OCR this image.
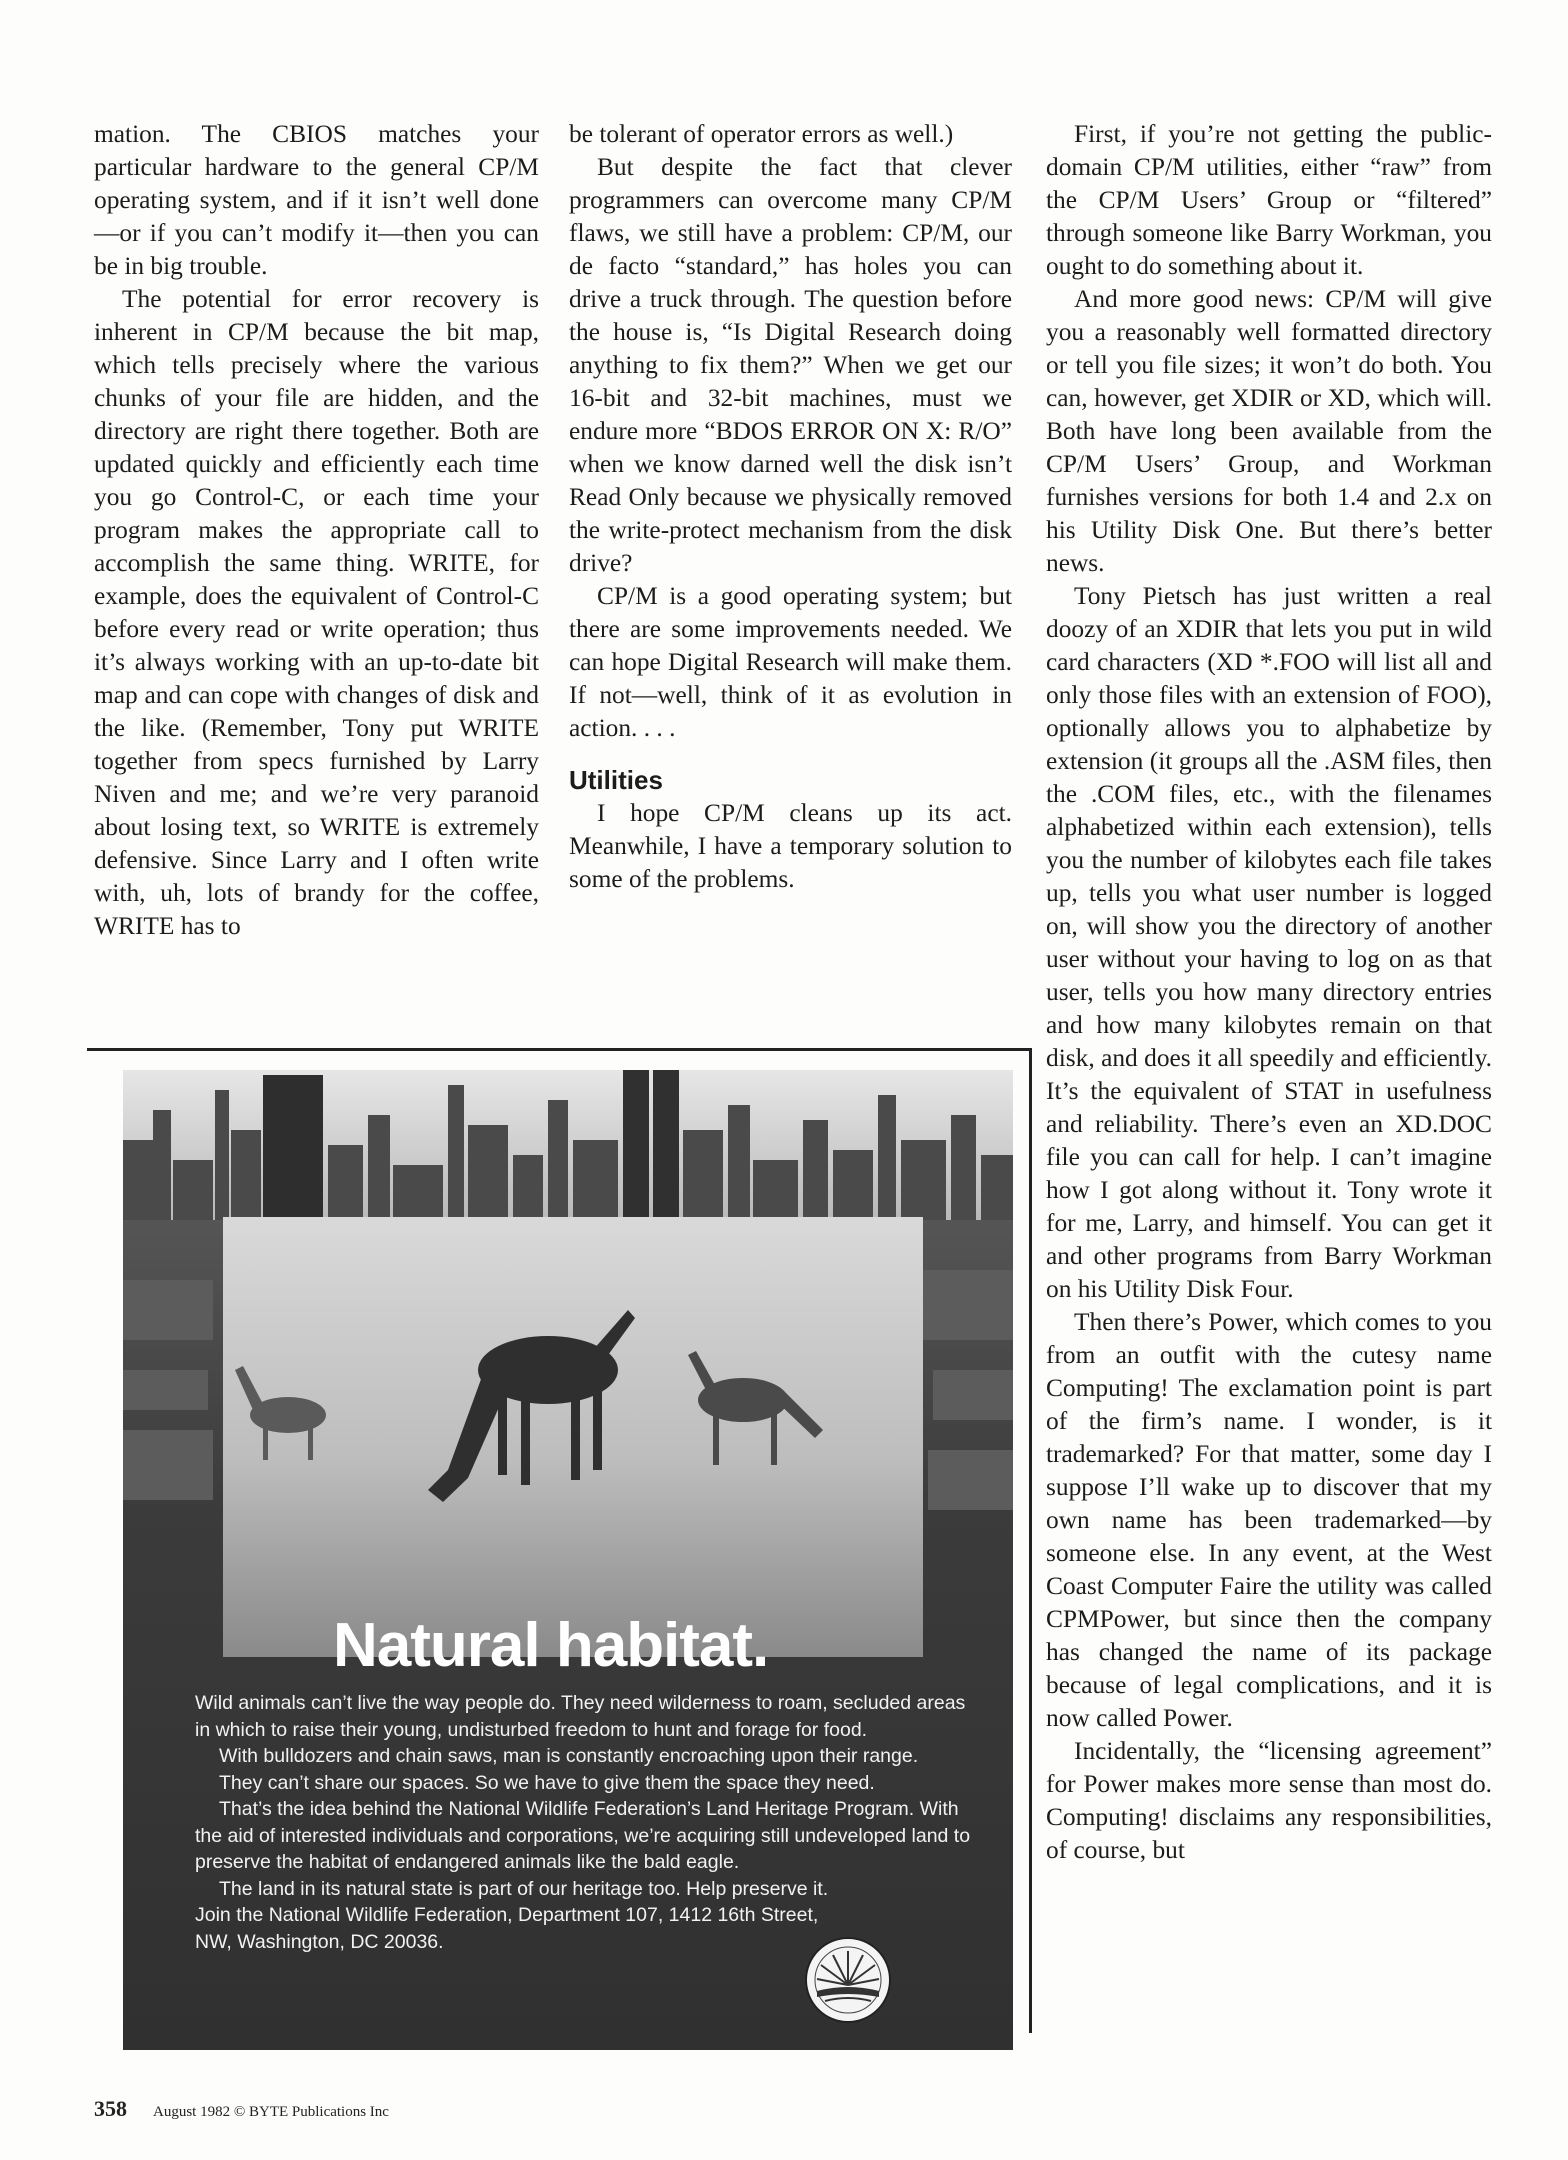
mation. The CBIOS matches your particular hardware to the general CP/M operating system, and if it isn’t well done—or if you can’t modify it—then you can be in big trouble.

The potential for error recovery is inherent in CP/M because the bit map, which tells precisely where the various chunks of your file are hidden, and the directory are right there together. Both are updated quickly and efficiently each time you go Control-C, or each time your program makes the appropriate call to accomplish the same thing. WRITE, for example, does the equivalent of Control-C before every read or write operation; thus it’s always working with an up-to-date bit map and can cope with changes of disk and the like. (Remember, Tony put WRITE together from specs furnished by Larry Niven and me; and we’re very paranoid about losing text, so WRITE is extremely defensive. Since Larry and I often write with, uh, lots of brandy for the coffee, WRITE has to

be tolerant of operator errors as well.)

But despite the fact that clever programmers can overcome many CP/M flaws, we still have a problem: CP/M, our de facto “standard,” has holes you can drive a truck through. The question before the house is, “Is Digital Research doing anything to fix them?” When we get our 16-bit and 32-bit machines, must we endure more “BDOS ERROR ON X: R/O” when we know darned well the disk isn’t Read Only because we physically removed the write-protect mechanism from the disk drive?

CP/M is a good operating system; but there are some improvements needed. We can hope Digital Research will make them. If not—well, think of it as evolution in action. . . .

Utilities

I hope CP/M cleans up its act. Meanwhile, I have a temporary solution to some of the problems.

First, if you’re not getting the public-domain CP/M utilities, either “raw” from the CP/M Users’ Group or “filtered” through someone like Barry Workman, you ought to do something about it.

And more good news: CP/M will give you a reasonably well formatted directory or tell you file sizes; it won’t do both. You can, however, get XDIR or XD, which will. Both have long been available from the CP/M Users’ Group, and Workman furnishes versions for both 1.4 and 2.x on his Utility Disk One. But there’s better news.

Tony Pietsch has just written a real doozy of an XDIR that lets you put in wild card characters (XD *.FOO will list all and only those files with an extension of FOO), optionally allows you to alphabetize by extension (it groups all the .ASM files, then the .COM files, etc., with the filenames alphabetized within each extension), tells you the number of kilobytes each file takes up, tells you what user number is logged on, will show you the directory of another user without your having to log on as that user, tells you how many directory entries and how many kilobytes remain on that disk, and does it all speedily and efficiently. It’s the equivalent of STAT in usefulness and reliability. There’s even an XD.DOC file you can call for help. I can’t imagine how I got along without it. Tony wrote it for me, Larry, and himself. You can get it and other programs from Barry Workman on his Utility Disk Four.

Then there’s Power, which comes to you from an outfit with the cutesy name Computing! The exclamation point is part of the firm’s name. I wonder, is it trademarked? For that matter, some day I suppose I’ll wake up to discover that my own name has been trademarked—by someone else. In any event, at the West Coast Computer Faire the utility was called CPMPower, but since then the company has changed the name of its package because of legal complications, and it is now called Power.

Incidentally, the “licensing agreement” for Power makes more sense than most do. Computing! disclaims any responsibilities, of course, but

Natural habitat.

Wild animals can’t live the way people do. They need wilderness to roam, secluded areas in which to raise their young, undisturbed freedom to hunt and forage for food.

With bulldozers and chain saws, man is constantly encroaching upon their range.

They can’t share our spaces. So we have to give them the space they need.

That’s the idea behind the National Wildlife Federation’s Land Heritage Program. With the aid of interested individuals and corporations, we’re acquiring still undeveloped land to preserve the habitat of endangered animals like the bald eagle.

The land in its natural state is part of our heritage too. Help preserve it. Join the National Wildlife Federation, Department 107, 1412 16th Street, NW, Washington, DC 20036.

358 August 1982 © BYTE Publications Inc
